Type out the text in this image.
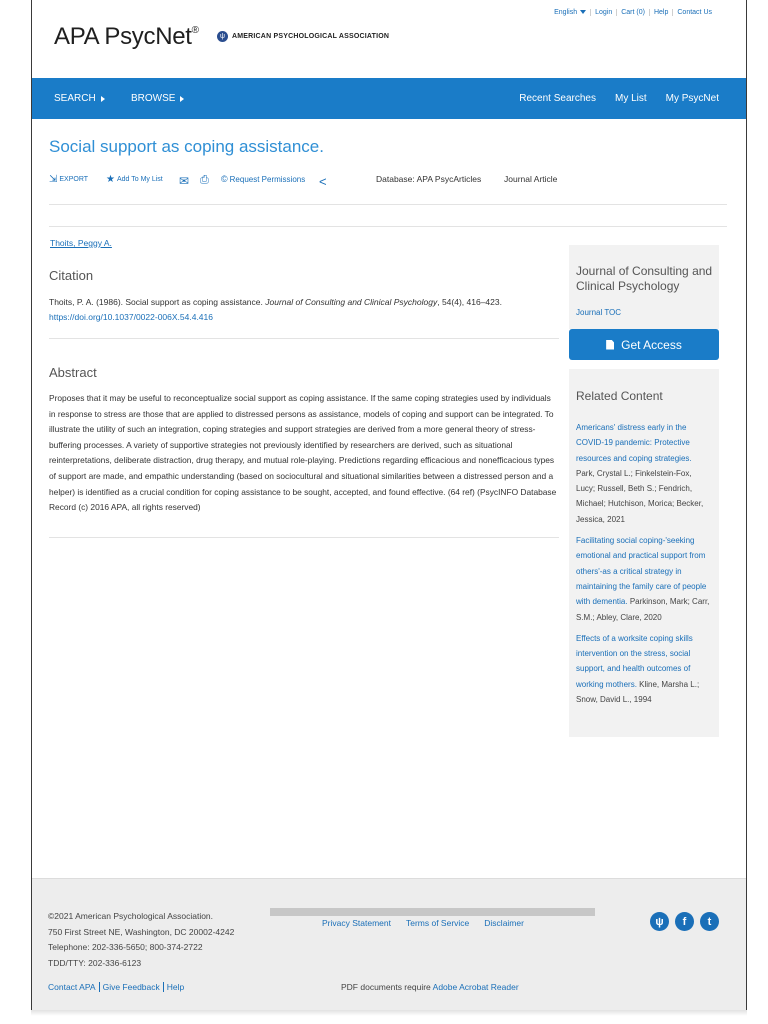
APA PsycNet®
ψ	AMERICAN PSYCHOLOGICAL ASSOCIATION
English	Login	Cart (0)	Help	Contact Us
SEARCH	BROWSE	Recent Searches My List My PsycNet
Social support as coping assistance.
⇲ EXPORT ★ Add To My List ✉ ⎙ © Request Permissions <	Database: APA PsycArticles	Journal Article
Thoits, Peggy A.
Citation
Thoits, P. A. (1986). Social support as coping assistance. Journal of Consulting and Clinical Psychology, 54(4), 416–423.
https://doi.org/10.1037/0022-006X.54.4.416
Abstract
Proposes that it may be useful to reconceptualize social support as coping assistance. If the same coping strategies used by individuals in response to stress are those that are applied to distressed persons as assistance, models of coping and support can be integrated. To illustrate the utility of such an integration, coping strategies and support strategies are derived from a more general theory of stress-buffering processes. A variety of supportive strategies not previously identified by researchers are derived, such as situational reinterpretations, deliberate distraction, drug therapy, and mutual role-playing. Predictions regarding efficacious and nonefficacious types of support are made, and empathic understanding (based on sociocultural and situational similarities between a distressed person and a helper) is identified as a crucial condition for coping assistance to be sought, accepted, and found effective. (64 ref) (PsycINFO Database Record (c) 2016 APA, all rights reserved)
Journal of Consulting and Clinical Psychology
Journal TOC
Get Access
Related Content
Americans' distress early in the COVID-19 pandemic: Protective resources and coping strategies. Park, Crystal L.; Finkelstein-Fox, Lucy; Russell, Beth S.; Fendrich, Michael; Hutchison, Morica; Becker, Jessica, 2021
Facilitating social coping-'seeking emotional and practical support from others'-as a critical strategy in maintaining the family care of people with dementia. Parkinson, Mark; Carr, S.M.; Abley, Clare, 2020
Effects of a worksite coping skills intervention on the stress, social support, and health outcomes of working mothers. Kline, Marsha L.; Snow, David L., 1994
©2021 American Psychological Association.
750 First Street NE, Washington, DC 20002-4242
Telephone: 202-336-5650; 800-374-2722
TDD/TTY: 202-336-6123
Privacy Statement Terms of Service Disclaimer	ψ	f	t
Contact APA Give Feedback Help	PDF documents require Adobe Acrobat Reader
